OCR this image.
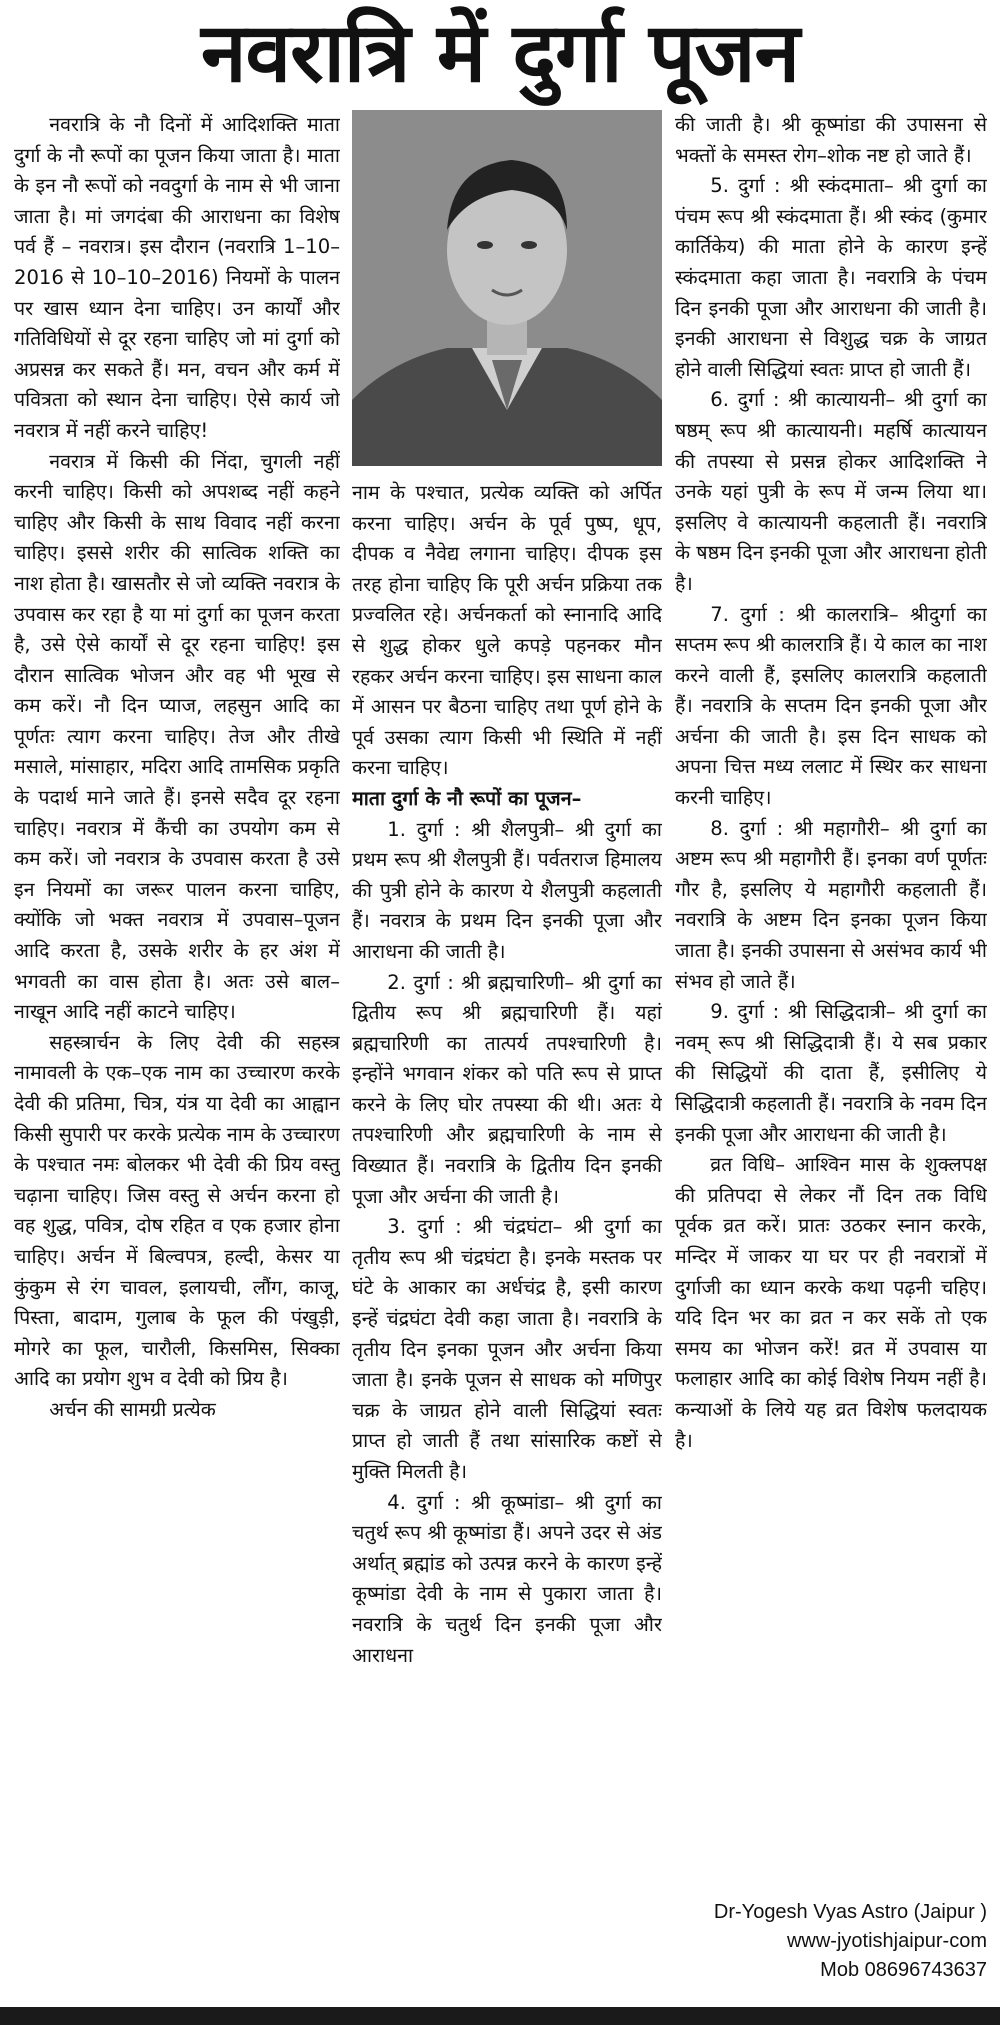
नवरात्रि में दुर्गा पूजन

नवरात्रि के नौ दिनों में आदिशक्ति माता दुर्गा के नौ रूपों का पूजन किया जाता है। माता के इन नौ रूपों को नवदुर्गा के नाम से भी जाना जाता है। मां जगदंबा की आराधना का विशेष पर्व हैं – नवरात्र। इस दौरान (नवरात्रि 1–10–2016 से 10–10–2016) नियमों के पालन पर खास ध्यान देना चाहिए। उन कार्यों और गतिविधियों से दूर रहना चाहिए जो मां दुर्गा को अप्रसन्न कर सकते हैं। मन, वचन और कर्म में पवित्रता को स्थान देना चाहिए। ऐसे कार्य जो नवरात्र में नहीं करने चाहिए!

नवरात्र में किसी की निंदा, चुगली नहीं करनी चाहिए। किसी को अपशब्द नहीं कहने चाहिए और किसी के साथ विवाद नहीं करना चाहिए। इससे शरीर की सात्विक शक्ति का नाश होता है। खासतौर से जो व्यक्ति नवरात्र के उपवास कर रहा है या मां दुर्गा का पूजन करता है, उसे ऐसे कार्यों से दूर रहना चाहिए! इस दौरान सात्विक भोजन और वह भी भूख से कम करें। नौ दिन प्याज, लहसुन आदि का पूर्णतः त्याग करना चाहिए। तेज और तीखे मसाले, मांसाहार, मदिरा आदि तामसिक प्रकृति के पदार्थ माने जाते हैं। इनसे सदैव दूर रहना चाहिए। नवरात्र में कैंची का उपयोग कम से कम करें। जो नवरात्र के उपवास करता है उसे इन नियमों का जरूर पालन करना चाहिए, क्योंकि जो भक्त नवरात्र में उपवास–पूजन आदि करता है, उसके शरीर के हर अंश में भगवती का वास होता है। अतः उसे बाल–नाखून आदि नहीं काटने चाहिए।

सहस्त्रार्चन के लिए देवी की सहस्त्र नामावली के एक–एक नाम का उच्चारण करके देवी की प्रतिमा, चित्र, यंत्र या देवी का आह्वान किसी सुपारी पर करके प्रत्येक नाम के उच्चारण के पश्चात नमः बोलकर भी देवी की प्रिय वस्तु चढ़ाना चाहिए। जिस वस्तु से अर्चन करना हो वह शुद्ध, पवित्र, दोष रहित व एक हजार होना चाहिए। अर्चन में बिल्वपत्र, हल्दी, केसर या कुंकुम से रंग चावल, इलायची, लौंग, काजू, पिस्ता, बादाम, गुलाब के फूल की पंखुड़ी, मोगरे का फूल, चारौली, किसमिस, सिक्का आदि का प्रयोग शुभ व देवी को प्रिय है।

अर्चन की सामग्री प्रत्येक

नाम के पश्चात, प्रत्येक व्यक्ति को अर्पित करना चाहिए। अर्चन के पूर्व पुष्प, धूप, दीपक व नैवेद्य लगाना चाहिए। दीपक इस तरह होना चाहिए कि पूरी अर्चन प्रक्रिया तक प्रज्वलित रहे। अर्चनकर्ता को स्नानादि आदि से शुद्ध होकर धुले कपड़े पहनकर मौन रहकर अर्चन करना चाहिए। इस साधना काल में आसन पर बैठना चाहिए तथा पूर्ण होने के पूर्व उसका त्याग किसी भी स्थिति में नहीं करना चाहिए।

माता दुर्गा के नौ रूपों का पूजन–

1. दुर्गा : श्री शैलपुत्री– श्री दुर्गा का प्रथम रूप श्री शैलपुत्री हैं। पर्वतराज हिमालय की पुत्री होने के कारण ये शैलपुत्री कहलाती हैं। नवरात्र के प्रथम दिन इनकी पूजा और आराधना की जाती है।

2. दुर्गा : श्री ब्रह्मचारिणी– श्री दुर्गा का द्वितीय रूप श्री ब्रह्मचारिणी हैं। यहां ब्रह्मचारिणी का तात्पर्य तपश्चारिणी है। इन्होंने भगवान शंकर को पति रूप से प्राप्त करने के लिए घोर तपस्या की थी। अतः ये तपश्चारिणी और ब्रह्मचारिणी के नाम से विख्यात हैं। नवरात्रि के द्वितीय दिन इनकी पूजा और अर्चना की जाती है।

3. दुर्गा : श्री चंद्रघंटा– श्री दुर्गा का तृतीय रूप श्री चंद्रघंटा है। इनके मस्तक पर घंटे के आकार का अर्धचंद्र है, इसी कारण इन्हें चंद्रघंटा देवी कहा जाता है। नवरात्रि के तृतीय दिन इनका पूजन और अर्चना किया जाता है। इनके पूजन से साधक को मणिपुर चक्र के जाग्रत होने वाली सिद्धियां स्वतः प्राप्त हो जाती हैं तथा सांसारिक कष्टों से मुक्ति मिलती है।

4. दुर्गा : श्री कूष्मांडा– श्री दुर्गा का चतुर्थ रूप श्री कूष्मांडा हैं। अपने उदर से अंड अर्थात् ब्रह्मांड को उत्पन्न करने के कारण इन्हें कूष्मांडा देवी के नाम से पुकारा जाता है। नवरात्रि के चतुर्थ दिन इनकी पूजा और आराधना

की जाती है। श्री कूष्मांडा की उपासना से भक्तों के समस्त रोग–शोक नष्ट हो जाते हैं।

5. दुर्गा : श्री स्कंदमाता– श्री दुर्गा का पंचम रूप श्री स्कंदमाता हैं। श्री स्कंद (कुमार कार्तिकेय) की माता होने के कारण इन्हें स्कंदमाता कहा जाता है। नवरात्रि के पंचम दिन इनकी पूजा और आराधना की जाती है। इनकी आराधना से विशुद्ध चक्र के जाग्रत होने वाली सिद्धियां स्वतः प्राप्त हो जाती हैं।

6. दुर्गा : श्री कात्यायनी– श्री दुर्गा का षष्ठम् रूप श्री कात्यायनी। महर्षि कात्यायन की तपस्या से प्रसन्न होकर आदिशक्ति ने उनके यहां पुत्री के रूप में जन्म लिया था। इसलिए वे कात्यायनी कहलाती हैं। नवरात्रि के षष्ठम दिन इनकी पूजा और आराधना होती है।

7. दुर्गा : श्री कालरात्रि– श्रीदुर्गा का सप्तम रूप श्री कालरात्रि हैं। ये काल का नाश करने वाली हैं, इसलिए कालरात्रि कहलाती हैं। नवरात्रि के सप्तम दिन इनकी पूजा और अर्चना की जाती है। इस दिन साधक को अपना चित्त मध्य ललाट में स्थिर कर साधना करनी चाहिए।

8. दुर्गा : श्री महागौरी– श्री दुर्गा का अष्टम रूप श्री महागौरी हैं। इनका वर्ण पूर्णतः गौर है, इसलिए ये महागौरी कहलाती हैं। नवरात्रि के अष्टम दिन इनका पूजन किया जाता है। इनकी उपासना से असंभव कार्य भी संभव हो जाते हैं।

9. दुर्गा : श्री सिद्धिदात्री– श्री दुर्गा का नवम् रूप श्री सिद्धिदात्री हैं। ये सब प्रकार की सिद्धियों की दाता हैं, इसीलिए ये सिद्धिदात्री कहलाती हैं। नवरात्रि के नवम दिन इनकी पूजा और आराधना की जाती है।

व्रत विधि– आश्विन मास के शुक्लपक्ष की प्रतिपदा से लेकर नौं दिन तक विधि पूर्वक व्रत करें। प्रातः उठकर स्नान करके, मन्दिर में जाकर या घर पर ही नवरात्रों में दुर्गाजी का ध्यान करके कथा पढ़नी चहिए। यदि दिन भर का व्रत न कर सकें तो एक समय का भोजन करें! व्रत में उपवास या फलाहार आदि का कोई विशेष नियम नहीं है। कन्याओं के लिये यह व्रत विशेष फलदायक है।

Dr-Yogesh Vyas Astro (Jaipur )
www-jyotishjaipur-com
Mob 08696743637
